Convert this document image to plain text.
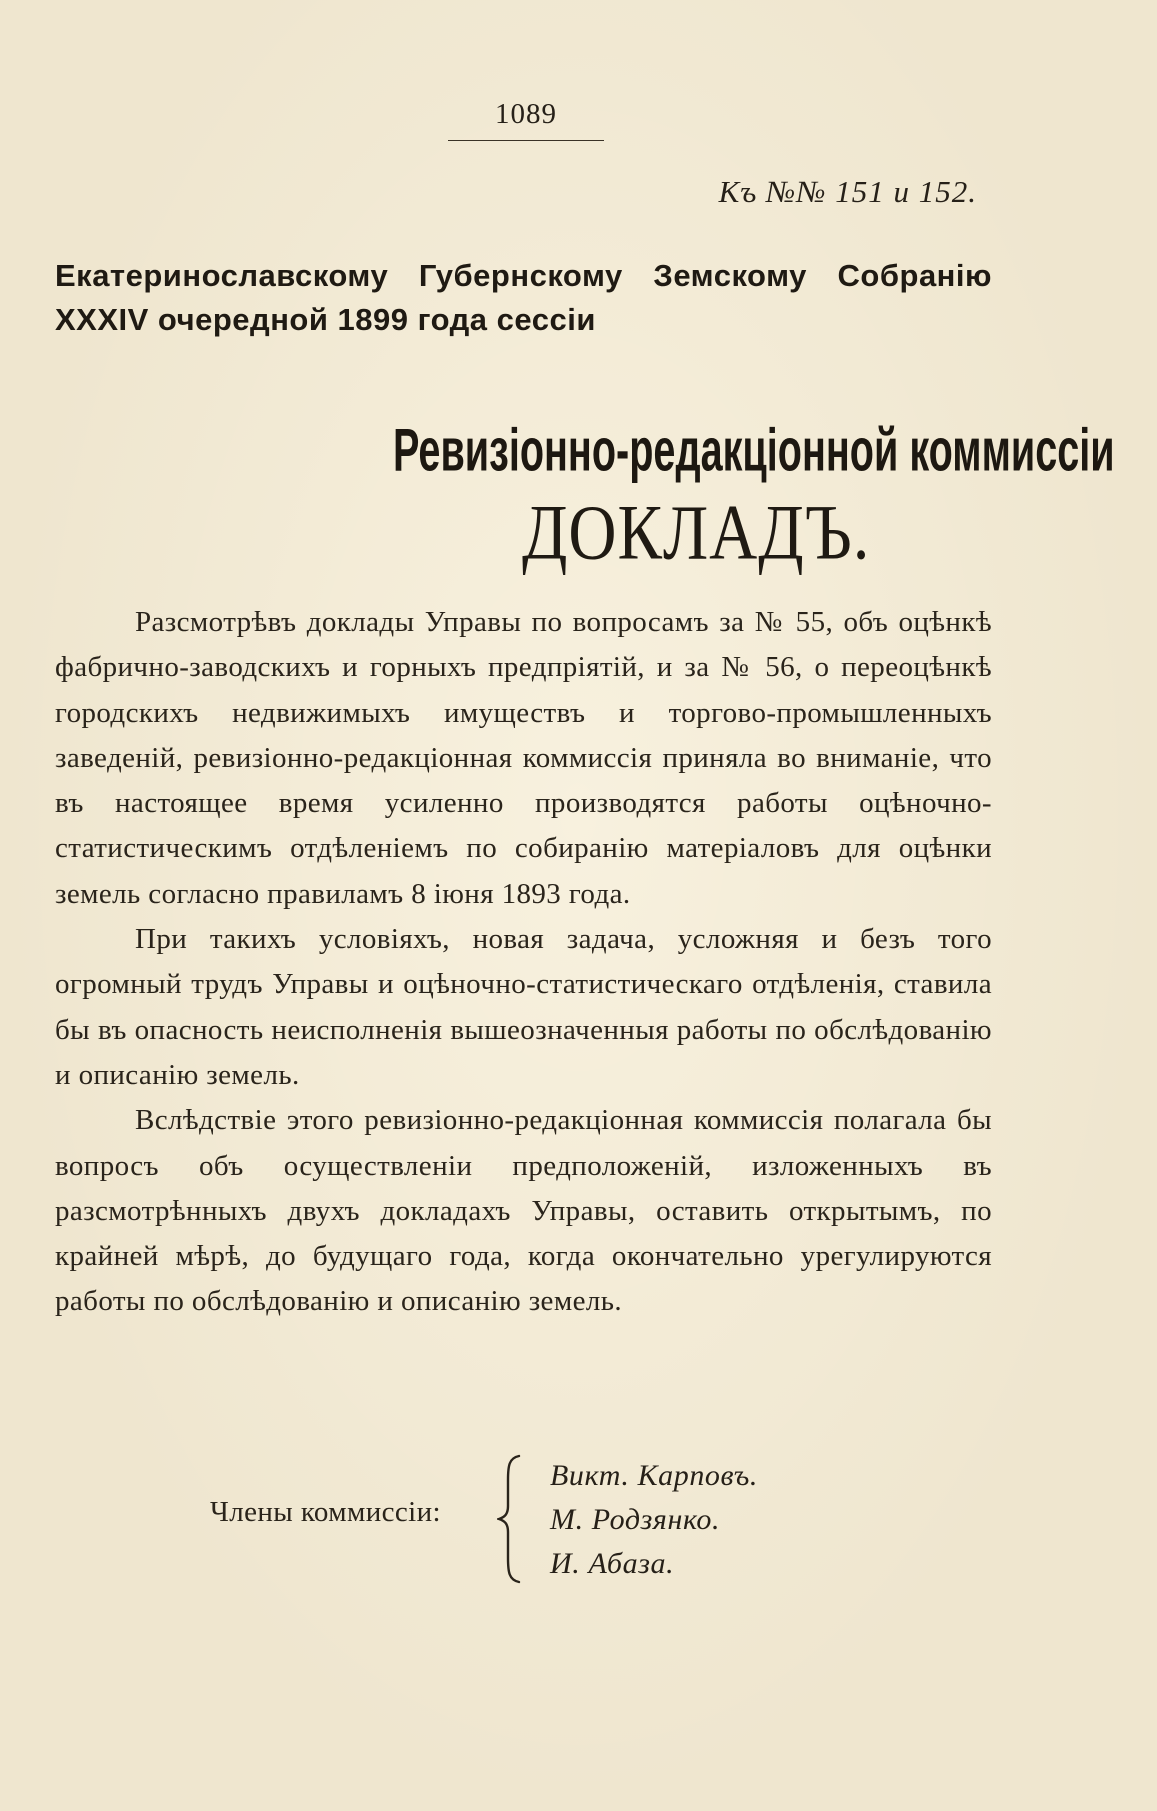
1089
Къ №№ 151 и 152.
Екатеринославскому Губернскому Земскому Собранію
XXXIV очередной 1899 года сессіи
Ревизіонно-редакціонной коммиссіи
ДОКЛАДЪ.

Разсмотрѣвъ доклады Управы по вопросамъ за № 55, объ оцѣнкѣ фабрично-заводскихъ и горныхъ предпріятій, и за № 56, о переоцѣнкѣ городскихъ недвижимыхъ имуществъ и торгово-промышленныхъ заведеній, ревизіонно-редакціонная коммиссія приняла во вниманіе, что въ настоящее время усиленно производятся работы оцѣночно-статистическимъ отдѣленіемъ по собиранію матеріаловъ для оцѣнки земель согласно правиламъ 8 іюня 1893 года.

При такихъ условіяхъ, новая задача, усложняя и безъ того огромный трудъ Управы и оцѣночно-статистическаго отдѣленія, ставила бы въ опасность неисполненія вышеозначенныя работы по обслѣдованію и описанію земель.

Вслѣдствіе этого ревизіонно-редакціонная коммиссія полагала бы вопросъ объ осуществленіи предположеній, изложенныхъ въ разсмотрѣнныхъ двухъ докладахъ Управы, оставить открытымъ, по крайней мѣрѣ, до будущаго года, когда окончательно урегулируются работы по обслѣдованію и описанію земель.

Члены коммиссіи:
Викт. Карповъ.
М. Родзянко.
И. Абаза.
